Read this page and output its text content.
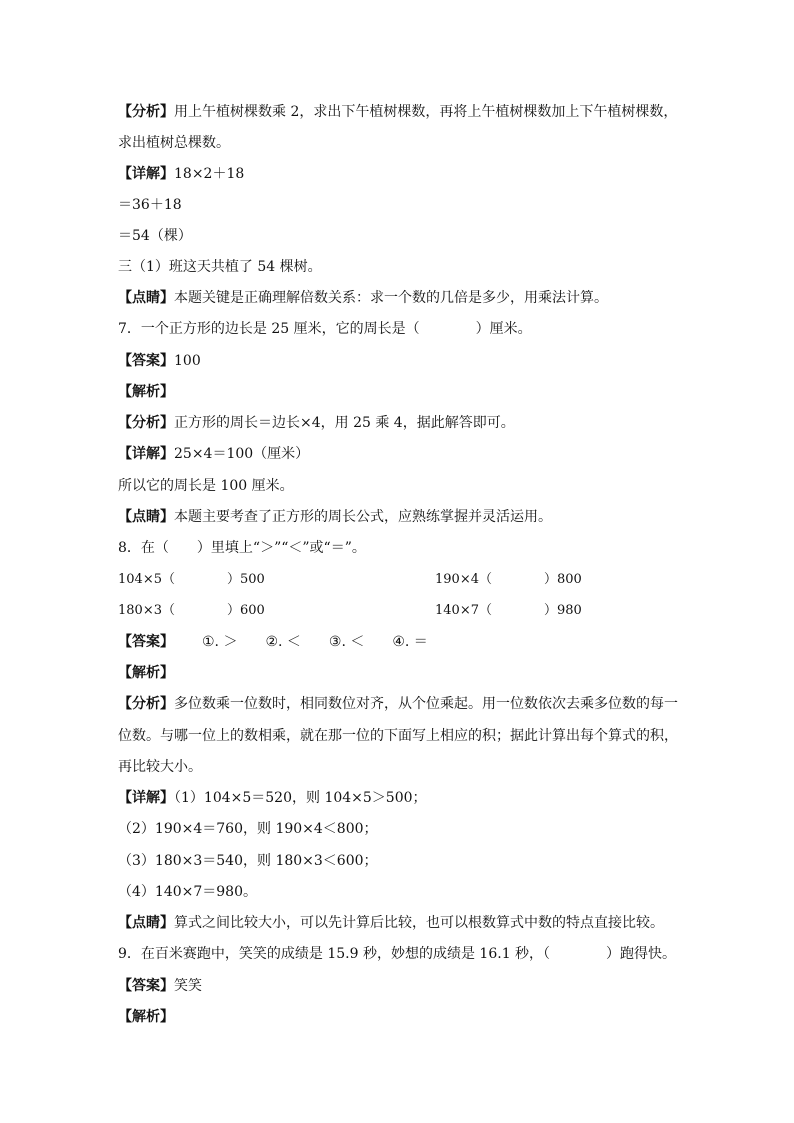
【分析】用上午植树棵数乘 2，求出下午植树棵数，再将上午植树棵数加上下午植树棵数，
求出植树总棵数。
【详解】18×2＋18
＝36＋18
＝54（棵）
三（1）班这天共植了 54 棵树。
【点睛】本题关键是正确理解倍数关系：求一个数的几倍是多少，用乘法计算。
7．一个正方形的边长是 25 厘米，它的周长是（　　　　）厘米。
【答案】100
【解析】
【分析】正方形的周长＝边长×4，用 25 乘 4，据此解答即可。
【详解】25×4＝100（厘米）
所以它的周长是 100 厘米。
【点睛】本题主要考查了正方形的周长公式，应熟练掌握并灵活运用。
8．在（　　）里填上“＞”“＜”或“＝”。
104×5（　　　　）500	190×4（　　　　）800
180×3（　　　　）600	140×7（　　　　）980
【答案】 ①. ＞ ②. ＜ ③. ＜ ④. ＝
【解析】
【分析】多位数乘一位数时，相同数位对齐，从个位乘起。用一位数依次去乘多位数的每一
位数。与哪一位上的数相乘，就在那一位的下面写上相应的积；据此计算出每个算式的积，
再比较大小。
【详解】（1）104×5＝520，则 104×5＞500；
（2）190×4＝760，则 190×4＜800；
（3）180×3＝540，则 180×3＜600；
（4）140×7＝980。
【点睛】算式之间比较大小，可以先计算后比较，也可以根数算式中数的特点直接比较。
9．在百米赛跑中，笑笑的成绩是 15.9 秒，妙想的成绩是 16.1 秒，（　　　　）跑得快。
【答案】笑笑
【解析】
